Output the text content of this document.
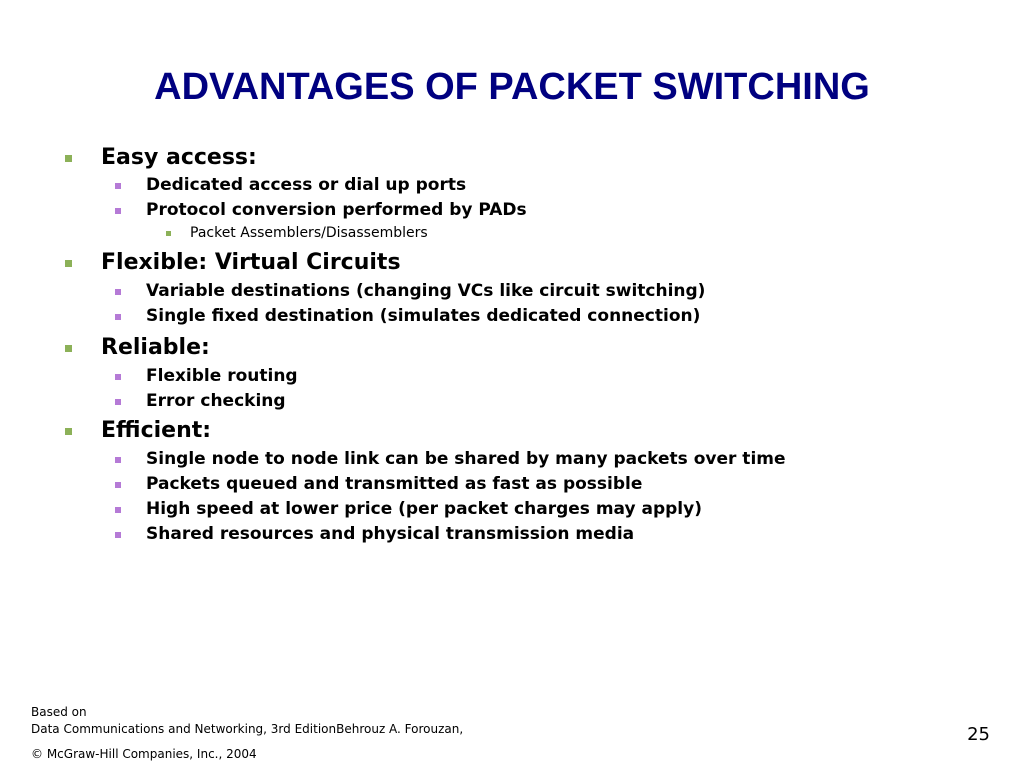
ADVANTAGES OF PACKET SWITCHING
Easy access:
Dedicated access or dial up ports
Protocol conversion performed by PADs
Packet Assemblers/Disassemblers
Flexible: Virtual Circuits
Variable destinations (changing VCs like circuit switching)
Single fixed destination (simulates dedicated connection)
Reliable:
Flexible routing
Error checking
Efficient:
Single node to node link can be shared by many packets over time
Packets queued and transmitted as fast as possible
High speed at lower price (per packet charges may apply)
Shared resources and physical transmission media
Based on
Data Communications and Networking, 3rd EditionBehrouz A. Forouzan,
© McGraw-Hill Companies, Inc., 2004
25
